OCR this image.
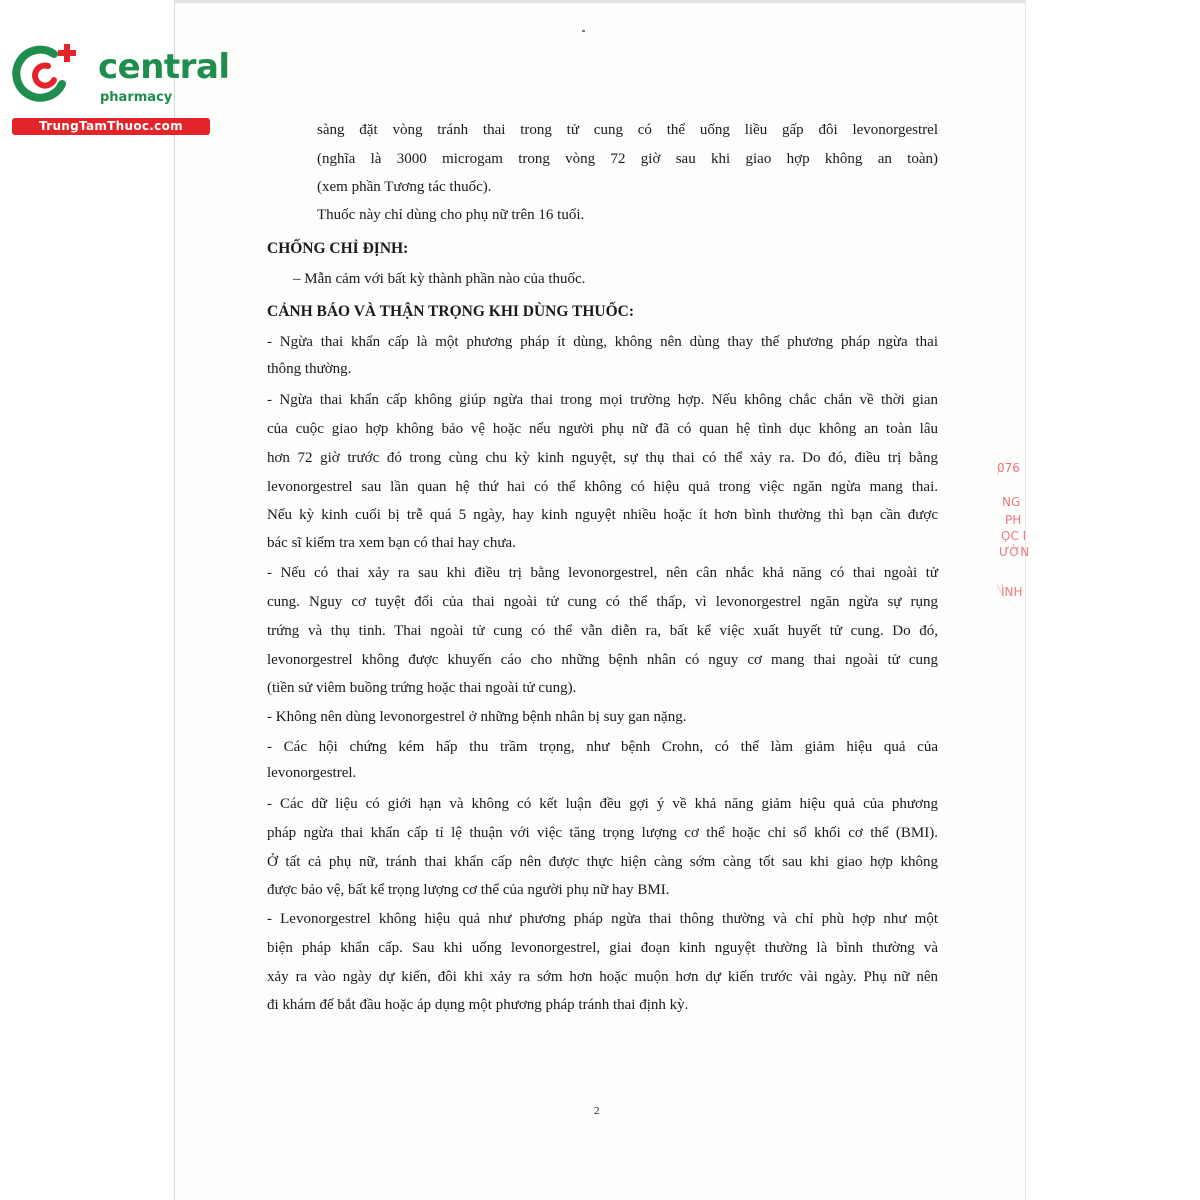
central
pharmacy
TrungTamThuoc.com	sàng đặt vòng tránh thai trong tử cung có thể uống liều gấp đôi levonorgestrel
(nghĩa là 3000 microgam trong vòng 72 giờ sau khi giao hợp không an toàn)
(xem phần Tương tác thuốc).
Thuốc này chỉ dùng cho phụ nữ trên 16 tuổi.
CHỐNG CHỈ ĐỊNH:
– Mẫn cảm với bất kỳ thành phần nào của thuốc.
CẢNH BÁO VÀ THẬN TRỌNG KHI DÙNG THUỐC:
- Ngừa thai khẩn cấp là một phương pháp ít dùng, không nên dùng thay thế phương pháp ngừa thai
thông thường.
- Ngừa thai khẩn cấp không giúp ngừa thai trong mọi trường hợp. Nếu không chắc chắn về thời gian
của cuộc giao hợp không bảo vệ hoặc nếu người phụ nữ đã có quan hệ tình dục không an toàn lâu
hơn 72 giờ trước đó trong cùng chu kỳ kinh nguyệt, sự thụ thai có thể xảy ra. Do đó, điều trị bằng
levonorgestrel sau lần quan hệ thứ hai có thể không có hiệu quả trong việc ngăn ngừa mang thai.
Nếu kỳ kinh cuối bị trễ quá 5 ngày, hay kinh nguyệt nhiều hoặc ít hơn bình thường thì bạn cần được
bác sĩ kiểm tra xem bạn có thai hay chưa.
- Nếu có thai xảy ra sau khi điều trị bằng levonorgestrel, nên cân nhắc khả năng có thai ngoài tử
cung. Nguy cơ tuyệt đối của thai ngoài tử cung có thể thấp, vì levonorgestrel ngăn ngừa sự rụng
trứng và thụ tinh. Thai ngoài tử cung có thể vẫn diễn ra, bất kể việc xuất huyết tử cung. Do đó,
levonorgestrel không được khuyến cáo cho những bệnh nhân có nguy cơ mang thai ngoài tử cung
(tiền sử viêm buồng trứng hoặc thai ngoài tử cung).
- Không nên dùng levonorgestrel ở những bệnh nhân bị suy gan nặng.
- Các hội chứng kém hấp thu trầm trọng, như bệnh Crohn, có thể làm giảm hiệu quả của
levonorgestrel.
- Các dữ liệu có giới hạn và không có kết luận đều gợi ý về khả năng giảm hiệu quả của phương
pháp ngừa thai khẩn cấp tỉ lệ thuận với việc tăng trọng lượng cơ thể hoặc chỉ số khối cơ thể (BMI).
Ở tất cả phụ nữ, tránh thai khẩn cấp nên được thực hiện càng sớm càng tốt sau khi giao hợp không
được bảo vệ, bất kể trọng lượng cơ thể của người phụ nữ hay BMI.
- Levonorgestrel không hiệu quả như phương pháp ngừa thai thông thường và chỉ phù hợp như một
biện pháp khẩn cấp. Sau khi uống levonorgestrel, giai đoạn kinh nguyệt thường là bình thường và
xảy ra vào ngày dự kiến, đôi khi xảy ra sớm hơn hoặc muộn hơn dự kiến trước vài ngày. Phụ nữ nên
đi khám để bắt đầu hoặc áp dụng một phương pháp tránh thai định kỳ.
2
076
NG
PH
ỌC I
ƯỜN
ÌNH
